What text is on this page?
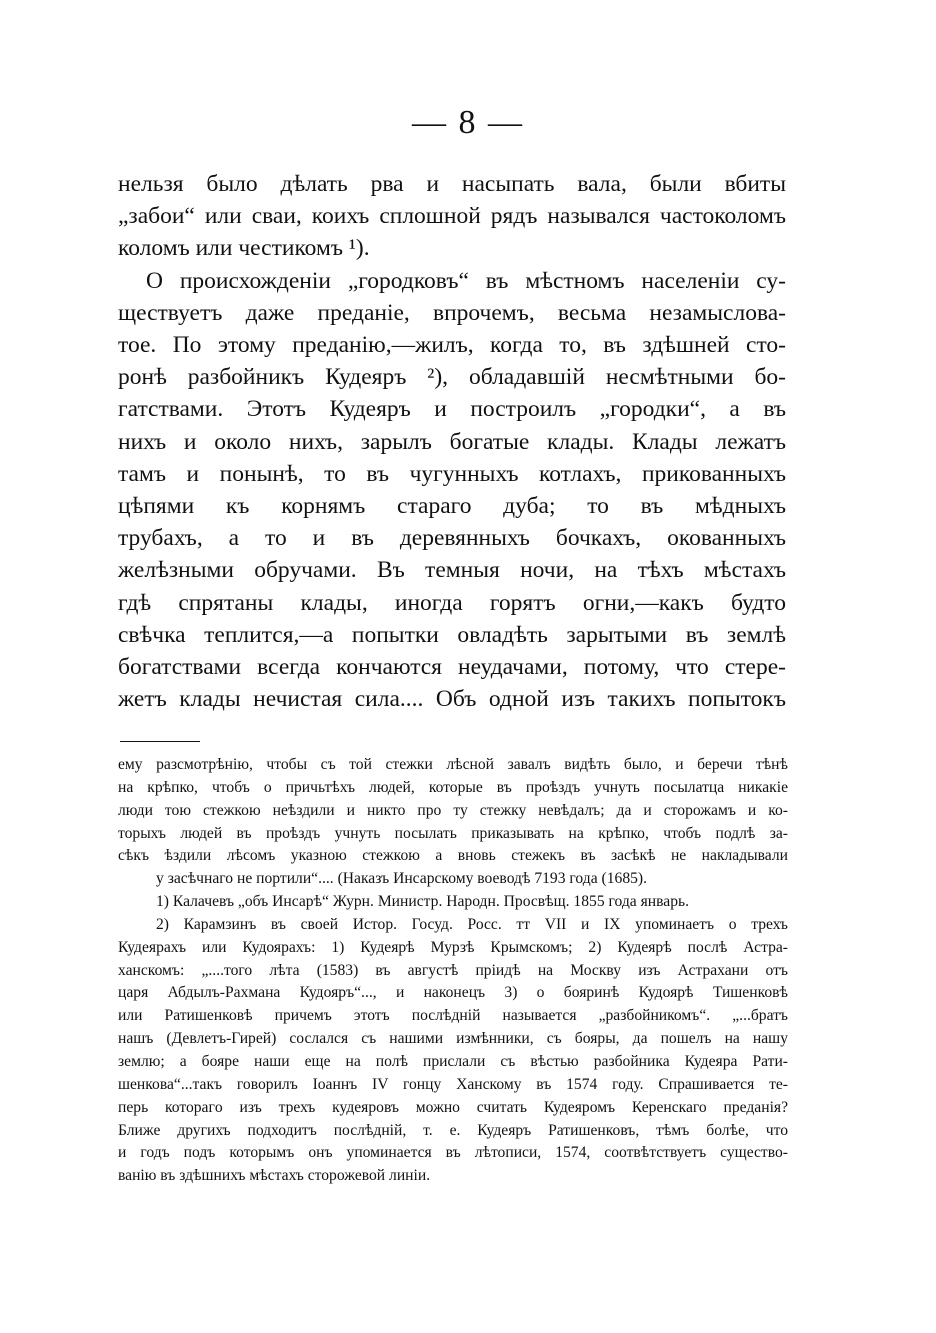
— 8 —
нельзя было дѣлать рва и насыпать вала, были вбиты
„забои“ или сваи, коихъ сплошной рядъ назывался частоколомъ
коломъ или честикомъ ¹).
О происхожденіи „городковъ“ въ мѣстномъ населеніи су-
ществуетъ даже преданіе, впрочемъ, весьма незамыслова-
тое. По этому преданію,—жилъ, когда то, въ здѣшней сто-
ронѣ разбойникъ Кудеяръ ²), обладавшій несмѣтными бо-
гатствами. Этотъ Кудеяръ и построилъ „городки“, а въ
нихъ и около нихъ, зарылъ богатые клады. Клады лежатъ
тамъ и понынѣ, то въ чугунныхъ котлахъ, прикованныхъ
цѣпями къ корнямъ стараго дуба; то въ мѣдныхъ
трубахъ, а то и въ деревянныхъ бочкахъ, окованныхъ
желѣзными обручами. Въ темныя ночи, на тѣхъ мѣстахъ
гдѣ спрятаны клады, иногда горятъ огни,—какъ будто
свѣчка теплится,—а попытки овладѣть зарытыми въ землѣ
богатствами всегда кончаются неудачами, потому, что стере-
жетъ клады нечистая сила.... Объ одной изъ такихъ попытокъ
ему разсмотрѣнію, чтобы съ той стежки лѣсной завалъ видѣть было, и беречи тѣнѣ
на крѣпко, чтобъ о причьтѣхъ людей, которые въ проѣздъ учнуть посылатца никакіе
люди тою стежкою неѣздили и никто про ту стежку невѣдалъ; да и сторожамъ и ко-
торыхъ людей въ проѣздъ учнуть посылать приказывать на крѣпко, чтобъ подлѣ за-
сѣкъ ѣздили лѣсомъ указною стежкою а вновь стежекъ въ засѣкѣ не накладывали
у засѣчнаго не портили“.... (Наказъ Инсарскому воеводѣ 7193 года (1685).
1) Калачевъ „объ Инсарѣ“ Журн. Министр. Народн. Просвѣщ. 1855 года январь.
2) Карамзинъ въ своей Истор. Госуд. Росс. тт VII и IX упоминаетъ о трехъ
Кудеярахъ или Кудоярахъ: 1) Кудеярѣ Мурзѣ Крымскомъ; 2) Кудеярѣ послѣ Астра-
ханскомъ: „....того лѣта (1583) въ августѣ пріидѣ на Москву изъ Астрахани отъ
царя Абдылъ-Рахмана Кудояръ“..., и наконецъ 3) о бояринѣ Кудоярѣ Тишенковѣ
или Ратишенковѣ причемъ этотъ послѣдній называется „разбойникомъ“. „...братъ
нашъ (Девлетъ-Гирей) сослался съ нашими измѣнники, съ бояры, да пошелъ на нашу
землю; а бояре наши еще на полѣ прислали съ вѣстью разбойника Кудеяра Рати-
шенкова“...такъ говорилъ Іоаннъ IV гонцу Ханскому въ 1574 году. Спрашивается те-
перь которагo изъ трехъ кудеяровъ можно считать Кудеяромъ Керенскаго преданія?
Ближе другихъ подходитъ послѣдній, т. е. Кудеяръ Ратишенковъ, тѣмъ болѣе, что
и годъ подъ которымъ онъ упоминается въ лѣтописи, 1574, соотвѣтствуетъ существо-
ванію въ здѣшнихъ мѣстахъ сторожевой линіи.
